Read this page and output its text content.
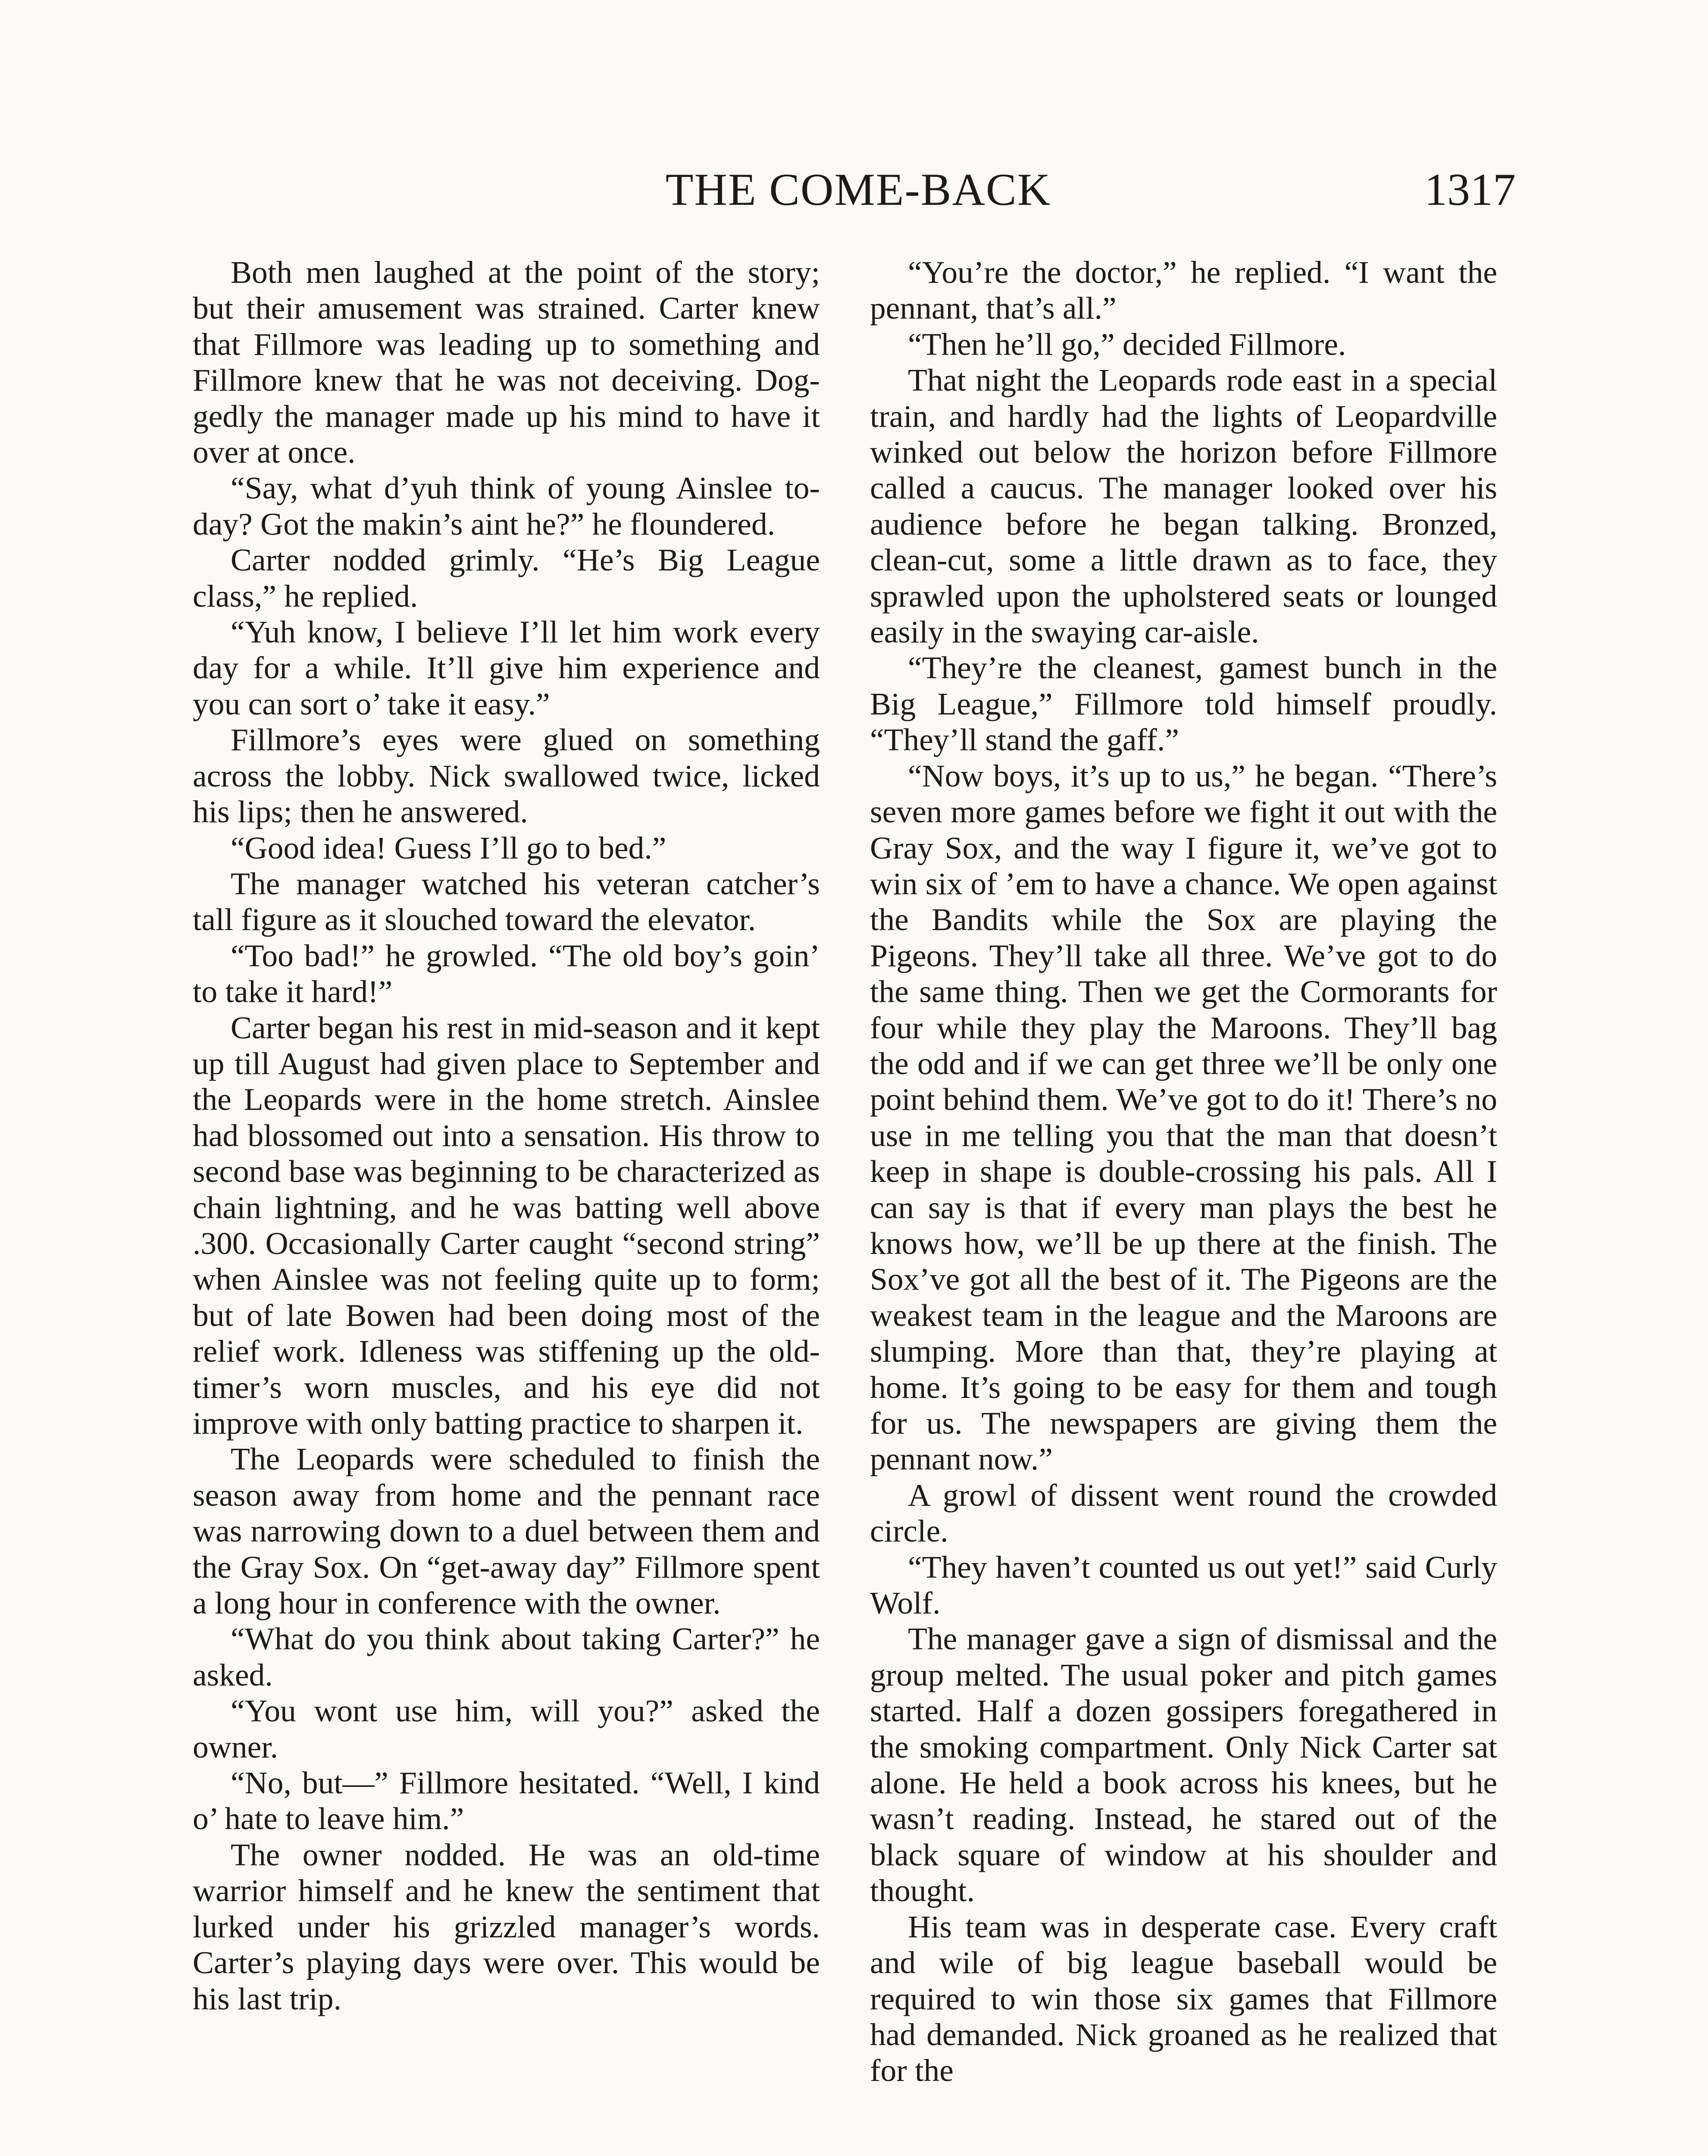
THE COME-BACK	1317

Both men laughed at the point of the story; but their amusement was strained. Carter knew that Fillmore was leading up to something and Fillmore knew that he was not deceiving. Doggedly the manager made up his mind to have it over at once.

“Say, what d’yuh think of young Ainslee to-day? Got the makin’s aint he?” he floundered.

Carter nodded grimly. “He’s Big League class,” he replied.

“Yuh know, I believe I’ll let him work every day for a while. It’ll give him experience and you can sort o’ take it easy.”

Fillmore’s eyes were glued on something across the lobby. Nick swallowed twice, licked his lips; then he answered.

“Good idea! Guess I’ll go to bed.”

The manager watched his veteran catcher’s tall figure as it slouched toward the elevator.

“Too bad!” he growled. “The old boy’s goin’ to take it hard!”

Carter began his rest in mid-season and it kept up till August had given place to September and the Leopards were in the home stretch. Ainslee had blossomed out into a sensation. His throw to second base was beginning to be characterized as chain lightning, and he was batting well above .300. Occasionally Carter caught “second string” when Ainslee was not feeling quite up to form; but of late Bowen had been doing most of the relief work. Idleness was stiffening up the old-timer’s worn muscles, and his eye did not improve with only batting practice to sharpen it.

The Leopards were scheduled to finish the season away from home and the pennant race was narrowing down to a duel between them and the Gray Sox. On “get-away day” Fillmore spent a long hour in conference with the owner.

“What do you think about taking Carter?” he asked.

“You wont use him, will you?” asked the owner.

“No, but—” Fillmore hesitated. “Well, I kind o’ hate to leave him.”

The owner nodded. He was an old-time warrior himself and he knew the sentiment that lurked under his grizzled manager’s words. Carter’s playing days were over. This would be his last trip.

“You’re the doctor,” he replied. “I want the pennant, that’s all.”

“Then he’ll go,” decided Fillmore.

That night the Leopards rode east in a special train, and hardly had the lights of Leopardville winked out below the horizon before Fillmore called a caucus. The manager looked over his audience before he began talking. Bronzed, clean-cut, some a little drawn as to face, they sprawled upon the upholstered seats or lounged easily in the swaying car-aisle.

“They’re the cleanest, gamest bunch in the Big League,” Fillmore told himself proudly. “They’ll stand the gaff.”

“Now boys, it’s up to us,” he began. “There’s seven more games before we fight it out with the Gray Sox, and the way I figure it, we’ve got to win six of ’em to have a chance. We open against the Bandits while the Sox are playing the Pigeons. They’ll take all three. We’ve got to do the same thing. Then we get the Cormorants for four while they play the Maroons. They’ll bag the odd and if we can get three we’ll be only one point behind them. We’ve got to do it! There’s no use in me telling you that the man that doesn’t keep in shape is double-crossing his pals. All I can say is that if every man plays the best he knows how, we’ll be up there at the finish. The Sox’ve got all the best of it. The Pigeons are the weakest team in the league and the Maroons are slumping. More than that, they’re playing at home. It’s going to be easy for them and tough for us. The newspapers are giving them the pennant now.”

A growl of dissent went round the crowded circle.

“They haven’t counted us out yet!” said Curly Wolf.

The manager gave a sign of dismissal and the group melted. The usual poker and pitch games started. Half a dozen gossipers foregathered in the smoking compartment. Only Nick Carter sat alone. He held a book across his knees, but he wasn’t reading. Instead, he stared out of the black square of window at his shoulder and thought.

His team was in desperate case. Every craft and wile of big league baseball would be required to win those six games that Fillmore had demanded. Nick groaned as he realized that for the
